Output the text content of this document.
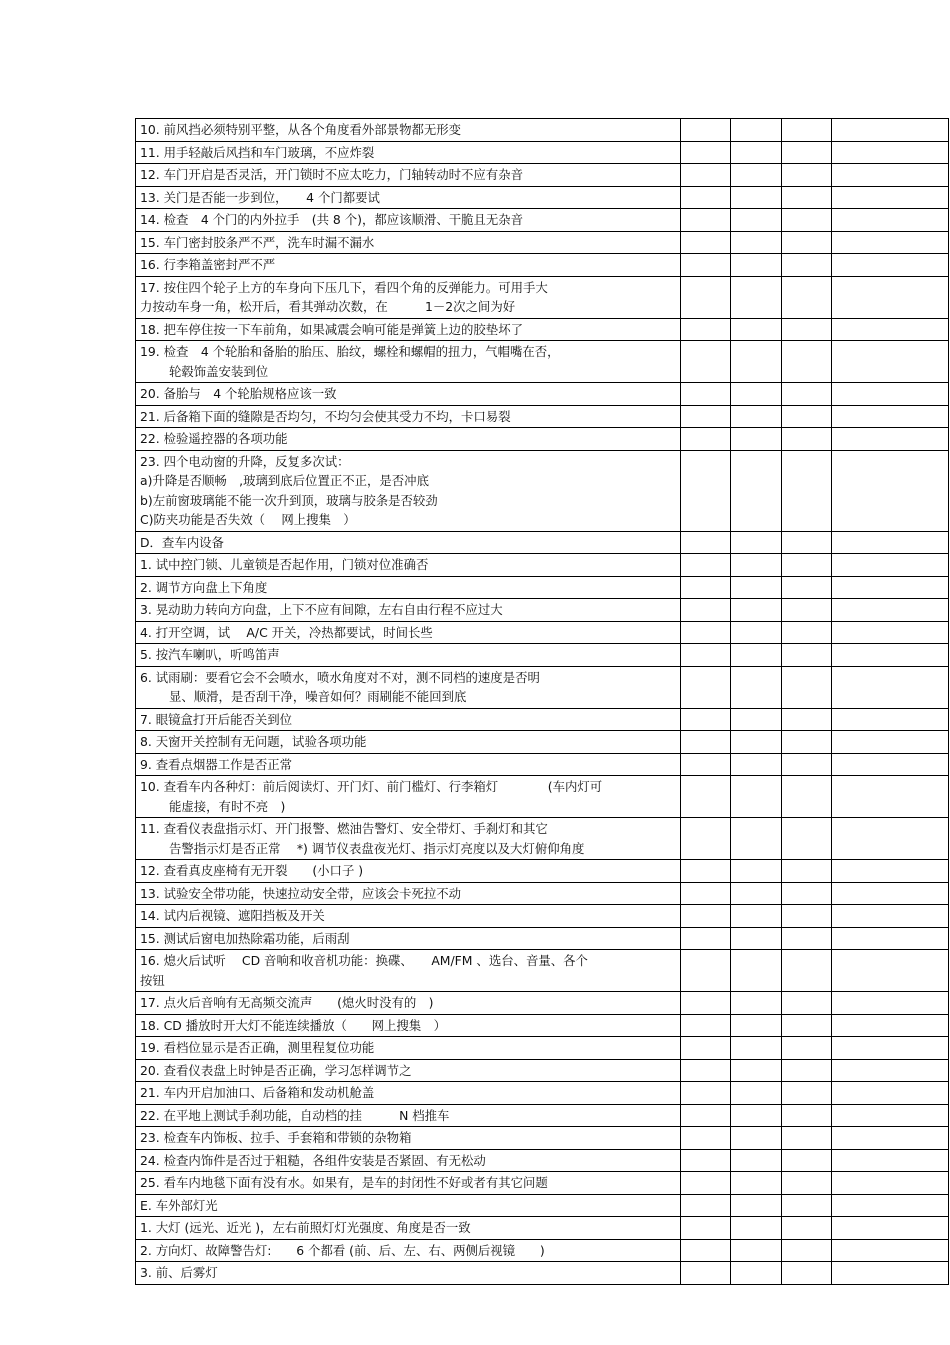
10. 前风挡必须特别平整，从各个角度看外部景物都无形变				

11. 用手轻敲后风挡和车门玻璃，不应炸裂				

12. 车门开启是否灵活，开门锁时不应太吃力，门轴转动时不应有杂音				

13. 关门是否能一步到位，　　4 个门都要试				

14. 检查　4 个门的内外拉手　(共 8 个)，都应该顺滑、干脆且无杂音				

15. 车门密封胶条严不严，洗车时漏不漏水				

16. 行李箱盖密封严不严				

17. 按住四个轮子上方的车身向下压几下，看四个角的反弹能力。可用手大
力按动车身一角，松开后，看其弹动次数，在　　　1－2次之间为好				

18. 把车停住按一下车前角，如果减震会响可能是弹簧上边的胶垫坏了				

19. 检查　4 个轮胎和备胎的胎压、胎纹，螺栓和螺帽的扭力，气帽嘴在否，
轮毂饰盖安装到位				

20. 备胎与　4 个轮胎规格应该一致				

21. 后备箱下面的缝隙是否均匀，不均匀会使其受力不均，卡口易裂				

22. 检验遥控器的各项功能				

23. 四个电动窗的升降，反复多次试：
a)升降是否顺畅　,玻璃到底后位置正不正，是否冲底
b)左前窗玻璃能不能一次升到顶，玻璃与胶条是否较劲
C)防夹功能是否失效（　 网上搜集　）				

D．查车内设备				

1. 试中控门锁、儿童锁是否起作用，门锁对位准确否				

2. 调节方向盘上下角度				

3. 晃动助力转向方向盘，上下不应有间隙，左右自由行程不应过大				

4. 打开空调，试　 A/C 开关，冷热都要试，时间长些				

5. 按汽车喇叭，听鸣笛声				

6. 试雨刷：要看它会不会喷水，喷水角度对不对，测不同档的速度是否明
显、顺滑，是否刮干净，噪音如何？雨刷能不能回到底				

7. 眼镜盒打开后能否关到位				

8. 天窗开关控制有无问题，试验各项功能				

9. 查看点烟器工作是否正常				

10. 查看车内各种灯：前后阅读灯、开门灯、前门槛灯、行李箱灯　　　　(车内灯可
能虚接，有时不亮　)				

11. 查看仪表盘指示灯、开门报警、燃油告警灯、安全带灯、手刹灯和其它
告警指示灯是否正常　 *) 调节仪表盘夜光灯、指示灯亮度以及大灯俯仰角度				

12. 查看真皮座椅有无开裂　　(小口子 )				

13. 试验安全带功能，快速拉动安全带，应该会卡死拉不动				

14. 试内后视镜、遮阳挡板及开关				

15. 测试后窗电加热除霜功能，后雨刮				

16. 熄火后试听　 CD 音响和收音机功能：换碟、　　AM/FM 、选台、音量、各个
按钮				

17. 点火后音响有无高频交流声　　(熄火时没有的　)				

18. CD 播放时开大灯不能连续播放（　　网上搜集　）				

19. 看档位显示是否正确，测里程复位功能				

20. 查看仪表盘上时钟是否正确，学习怎样调节之				

21. 车内开启加油口、后备箱和发动机舱盖				

22. 在平地上测试手刹功能，自动档的挂　　　N 档推车				

23. 检查车内饰板、拉手、手套箱和带锁的杂物箱				

24. 检查内饰件是否过于粗糙，各组件安装是否紧固、有无松动				

25. 看车内地毯下面有没有水。如果有，是车的封闭性不好或者有其它问题				

E. 车外部灯光				

1. 大灯 (远光、近光 )，左右前照灯灯光强度、角度是否一致				

2. 方向灯、故障警告灯:　　6 个都看 (前、后、左、右、两侧后视镜　　)				

3. 前、后雾灯				
